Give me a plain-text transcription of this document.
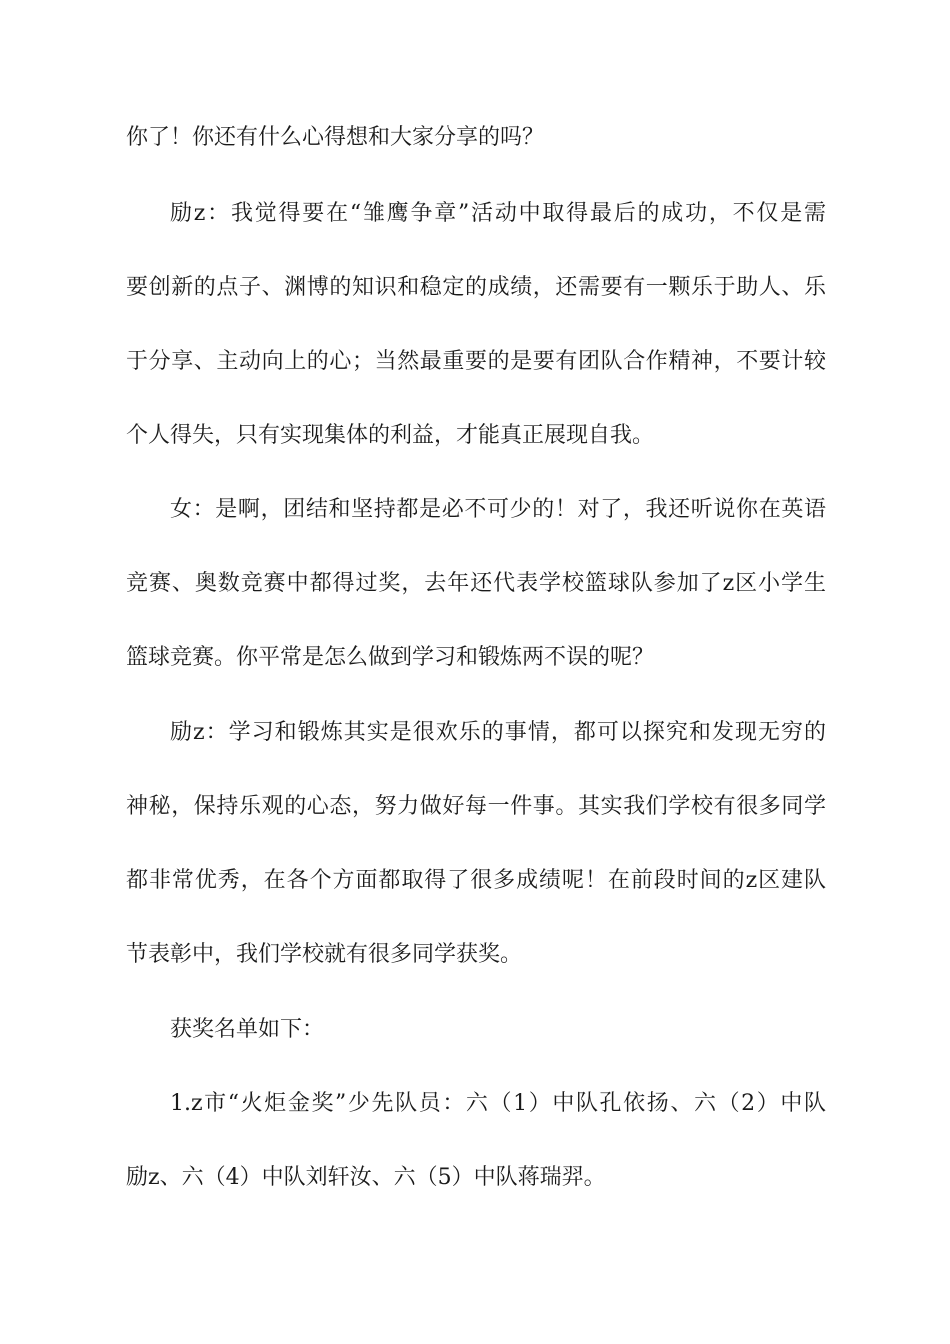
你了！你还有什么心得想和大家分享的吗？
励z：我觉得要在“雏鹰争章”活动中取得最后的成功，不仅是需
要创新的点子、渊博的知识和稳定的成绩，还需要有一颗乐于助人、乐
于分享、主动向上的心；当然最重要的是要有团队合作精神，不要计较
个人得失，只有实现集体的利益，才能真正展现自我。
女：是啊，团结和坚持都是必不可少的！对了，我还听说你在英语
竞赛、奥数竞赛中都得过奖，去年还代表学校篮球队参加了z区小学生
篮球竞赛。你平常是怎么做到学习和锻炼两不误的呢？
励z：学习和锻炼其实是很欢乐的事情，都可以探究和发现无穷的
神秘，保持乐观的心态，努力做好每一件事。其实我们学校有很多同学
都非常优秀，在各个方面都取得了很多成绩呢！在前段时间的z区建队
节表彰中，我们学校就有很多同学获奖。
获奖名单如下：
1.z市“火炬金奖”少先队员：六（1）中队孔依扬、六（2）中队
励z、六（4）中队刘轩汝、六（5）中队蒋瑞羿。
